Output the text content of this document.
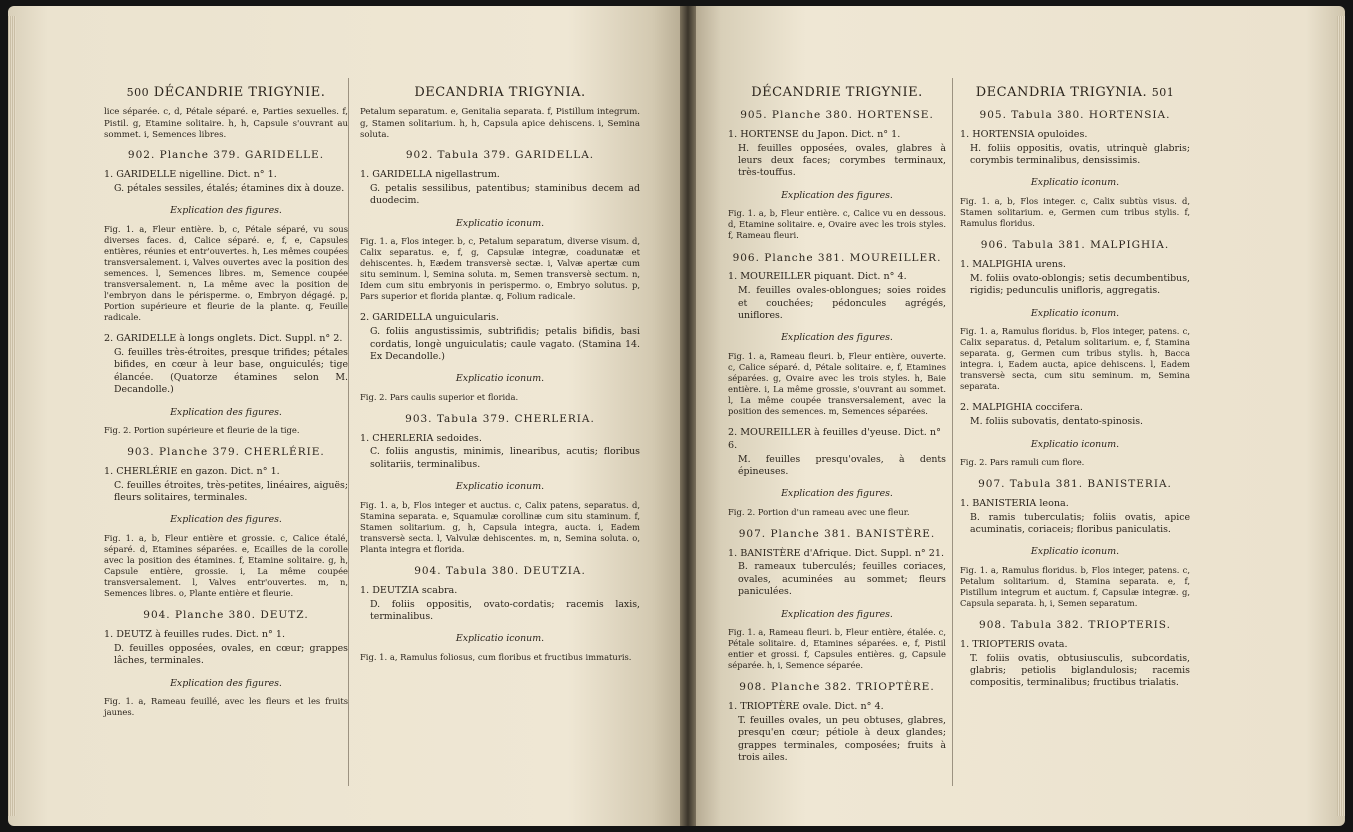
500 DÉCANDRIE TRIGYNIE.
lice séparée. c, d, Pétale séparé. e, Parties sexuelles. f, Pistil. g, Etamine solitaire. h, h, Capsule s'ouvrant au sommet. i, Semences libres.
902. Planche 379. GARIDELLE.
1. GARIDELLE nigelline. Dict. n° 1.
G. pétales sessiles, étalés; étamines dix à douze.
Explication des figures.
Fig. 1. a, Fleur entière. b, c, Pétale séparé, vu sous diverses faces. d, Calice séparé. e, f, e, Capsules entières, réunies et entr'ouvertes. h, Les mêmes coupées transversalement. i, Valves ouvertes avec la position des semences. l, Semences libres. m, Semence coupée transversalement. n, La même avec la position de l'embryon dans le périsperme. o, Embryon dégagé. p, Portion supérieure et fleurie de la plante. q, Feuille radicale.
2. GARIDELLE à longs onglets. Dict. Suppl. n° 2.
G. feuilles très-étroites, presque trifides; pétales bifides, en cœur à leur base, onguiculés; tige élancée. (Quatorze étamines selon M. Decandolle.)
Explication des figures.
Fig. 2. Portion supérieure et fleurie de la tige.
903. Planche 379. CHERLÉRIE.
1. CHERLÉRIE en gazon. Dict. n° 1.
C. feuilles étroites, très-petites, linéaires, aiguës; fleurs solitaires, terminales.
Explication des figures.
Fig. 1. a, b, Fleur entière et grossie. c, Calice étalé, séparé. d, Etamines séparées. e, Ecailles de la corolle avec la position des étamines. f, Etamine solitaire. g, h, Capsule entière, grossie. i, La même coupée transversalement. l, Valves entr'ouvertes. m, n, Semences libres. o, Plante entière et fleurie.
904. Planche 380. DEUTZ.
1. DEUTZ à feuilles rudes. Dict. n° 1.
D. feuilles opposées, ovales, en cœur; grappes lâches, terminales.
Explication des figures.
Fig. 1. a, Rameau feuillé, avec les fleurs et les fruits jaunes.
DECANDRIA TRIGYNIA.
Petalum separatum. e, Genitalia separata. f, Pistillum integrum. g, Stamen solitarium. h, h, Capsula apice dehiscens. i, Semina soluta.
902. Tabula 379. GARIDELLA.
1. GARIDELLA nigellastrum.
G. petalis sessilibus, patentibus; staminibus decem ad duodecim.
Explicatio iconum.
Fig. 1. a, Flos integer. b, c, Petalum separatum, diverse visum. d, Calix separatus. e, f, g, Capsulæ integræ, coadunatæ et dehiscentes. h, Eædem transversè sectæ. i, Valvæ apertæ cum situ seminum. l, Semina soluta. m, Semen transversè sectum. n, Idem cum situ embryonis in perispermo. o, Embryo solutus. p, Pars superior et florida plantæ. q, Folium radicale.
2. GARIDELLA unguicularis.
G. foliis angustissimis, subtrifidis; petalis bifidis, basi cordatis, longè unguiculatis; caule vagato. (Stamina 14. Ex Decandolle.)
Explicatio iconum.
Fig. 2. Pars caulis superior et florida.
903. Tabula 379. CHERLERIA.
1. CHERLERIA sedoides.
C. foliis angustis, minimis, linearibus, acutis; floribus solitariis, terminalibus.
Explicatio iconum.
Fig. 1. a, b, Flos integer et auctus. c, Calix patens, separatus. d, Stamina separata. e, Squamulæ corollinæ cum situ staminum. f, Stamen solitarium. g, h, Capsula integra, aucta. i, Eadem transversè secta. l, Valvulæ dehiscentes. m, n, Semina soluta. o, Planta integra et florida.
904. Tabula 380. DEUTZIA.
1. DEUTZIA scabra.
D. foliis oppositis, ovato-cordatis; racemis laxis, terminalibus.
Explicatio iconum.
Fig. 1. a, Ramulus foliosus, cum floribus et fructibus immaturis.
DÉCANDRIE TRIGYNIE.
905. Planche 380. HORTENSE.
1. HORTENSE du Japon. Dict. n° 1.
H. feuilles opposées, ovales, glabres à leurs deux faces; corymbes terminaux, très-touffus.
Explication des figures.
Fig. 1. a, b, Fleur entière. c, Calice vu en dessous. d, Etamine solitaire. e, Ovaire avec les trois styles. f, Rameau fleuri.
906. Planche 381. MOUREILLER.
1. MOUREILLER piquant. Dict. n° 4.
M. feuilles ovales-oblongues; soies roides et couchées; pédoncules agrégés, uniflores.
Explication des figures.
Fig. 1. a, Rameau fleuri. b, Fleur entière, ouverte. c, Calice séparé. d, Pétale solitaire. e, f, Etamines séparées. g, Ovaire avec les trois styles. h, Baie entière. i, La même grossie, s'ouvrant au sommet. l, La même coupée transversalement, avec la position des semences. m, Semences séparées.
2. MOUREILLER à feuilles d'yeuse. Dict. n° 6.
M. feuilles presqu'ovales, à dents épineuses.
Explication des figures.
Fig. 2. Portion d'un rameau avec une fleur.
907. Planche 381. BANISTÈRE.
1. BANISTÈRE d'Afrique. Dict. Suppl. n° 21.
B. rameaux tuberculés; feuilles coriaces, ovales, acuminées au sommet; fleurs paniculées.
Explication des figures.
Fig. 1. a, Rameau fleuri. b, Fleur entière, étalée. c, Pétale solitaire. d, Etamines séparées. e, f, Pistil entier et grossi. f, Capsules entières. g, Capsule séparée. h, i, Semence séparée.
908. Planche 382. TRIOPTÈRE.
1. TRIOPTÈRE ovale. Dict. n° 4.
T. feuilles ovales, un peu obtuses, glabres, presqu'en cœur; pétiole à deux glandes; grappes terminales, composées; fruits à trois ailes.
DECANDRIA TRIGYNIA. 501
905. Tabula 380. HORTENSIA.
1. HORTENSIA opuloides.
H. foliis oppositis, ovatis, utrinquè glabris; corymbis terminalibus, densissimis.
Explicatio iconum.
Fig. 1. a, b, Flos integer. c, Calix subtùs visus. d, Stamen solitarium. e, Germen cum tribus stylis. f, Ramulus floridus.
906. Tabula 381. MALPIGHIA.
1. MALPIGHIA urens.
M. foliis ovato-oblongis; setis decumbentibus, rigidis; pedunculis unifloris, aggregatis.
Explicatio iconum.
Fig. 1. a, Ramulus floridus. b, Flos integer, patens. c, Calix separatus. d, Petalum solitarium. e, f, Stamina separata. g, Germen cum tribus stylis. h, Bacca integra. i, Eadem aucta, apice dehiscens. l, Eadem transversè secta, cum situ seminum. m, Semina separata.
2. MALPIGHIA coccifera.
M. foliis subovatis, dentato-spinosis.
Explicatio iconum.
Fig. 2. Pars ramuli cum flore.
907. Tabula 381. BANISTERIA.
1. BANISTERIA leona.
B. ramis tuberculatis; foliis ovatis, apice acuminatis, coriaceis; floribus paniculatis.
Explicatio iconum.
Fig. 1. a, Ramulus floridus. b, Flos integer, patens. c, Petalum solitarium. d, Stamina separata. e, f, Pistillum integrum et auctum. f, Capsulæ integræ. g, Capsula separata. h, i, Semen separatum.
908. Tabula 382. TRIOPTERIS.
1. TRIOPTERIS ovata.
T. foliis ovatis, obtusiusculis, subcordatis, glabris; petiolis biglandulosis; racemis compositis, terminalibus; fructibus trialatis.
